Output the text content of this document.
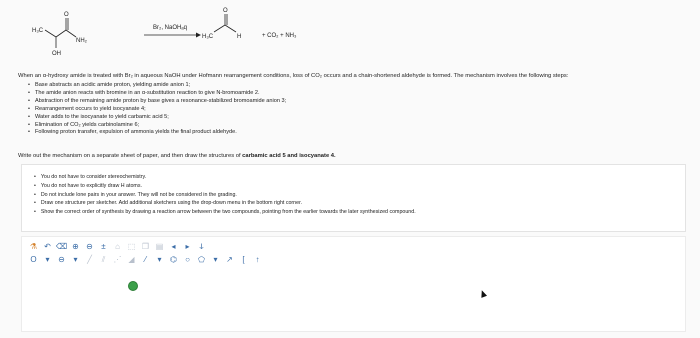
H₃C
O
NH₂
OH
Br₂, NaOHₐq
H₃C
O
H	+ CO₂ + NH₃
When an α-hydroxy amide is treated with Br₂ in aqueous NaOH under Hofmann rearrangement conditions, loss of CO₂ occurs and a chain-shortened aldehyde is formed. The mechanism involves the following steps:
• Base abstracts an acidic amide proton, yielding amide anion 1;
• The amide anion reacts with bromine in an α-substitution reaction to give N-bromoamide 2.
• Abstraction of the remaining amide proton by base gives a resonance-stabilized bromoamide anion 3;
• Rearrangement occurs to yield isocyanate 4;
• Water adds to the isocyanate to yield carbamic acid 5;
• Elimination of CO₂ yields carbinolamine 6;
• Following proton transfer, expulsion of ammonia yields the final product aldehyde.
Write out the mechanism on a separate sheet of paper, and then draw the structures of carbamic acid 5 and isocyanate 4.
• You do not have to consider stereochemistry.
• You do not have to explicitly draw H atoms.
• Do not include lone pairs in your answer. They will not be considered in the grading.
• Draw one structure per sketcher. Add additional sketchers using the drop-down menu in the bottom right corner.
• Show the correct order of synthesis by drawing a reaction arrow between the two compounds, pointing from the earlier towards the later synthesized compound.
⚗ ↶ ⌫ ⊕ ⊖	±	⌂ ⬚ ❐ ▤	◂	▸	ↆ
O	▾	⊖	▾	╱	⫽	⋰ ◢	⁄	▾	⌬	○	⬠	▾	↗	[	↑
